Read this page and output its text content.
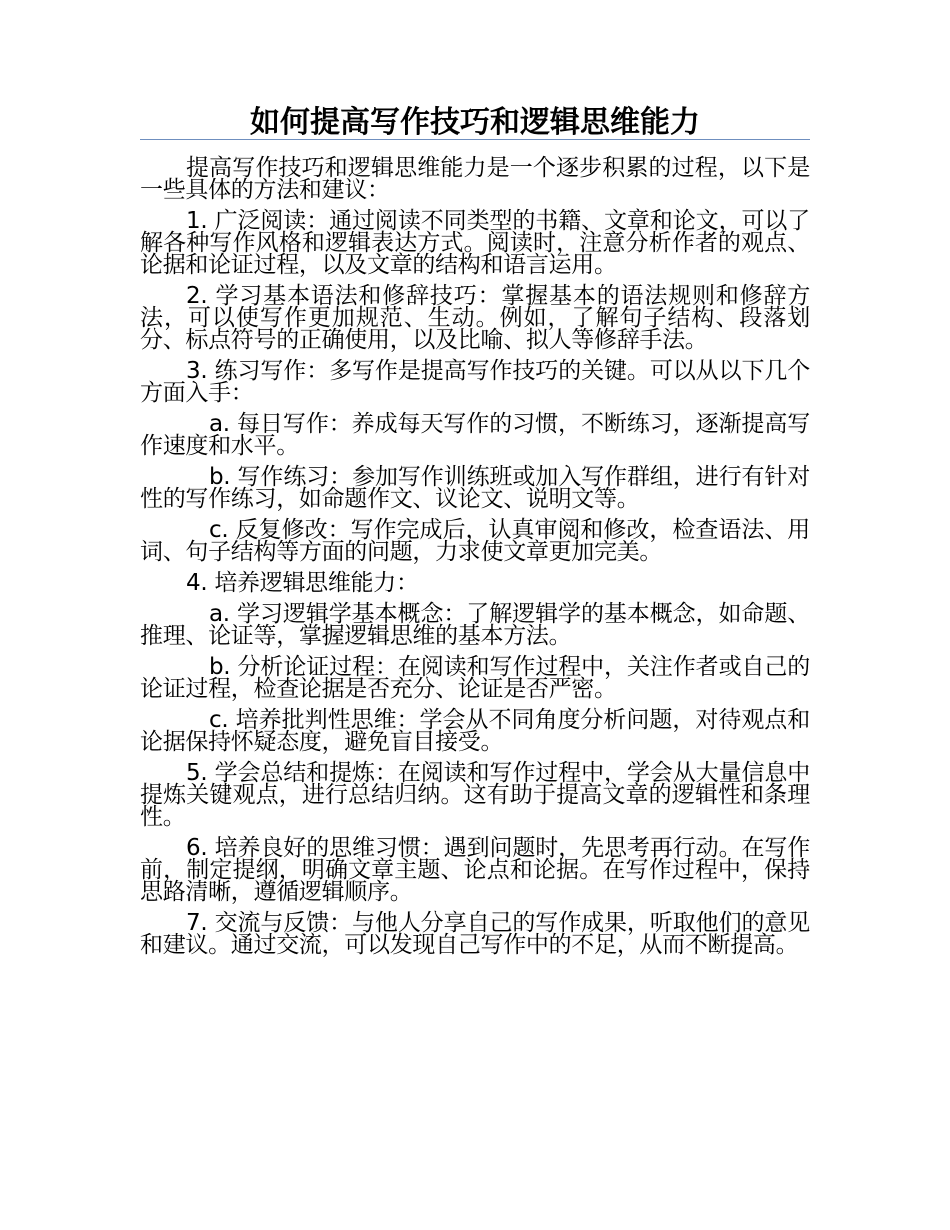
如何提高写作技巧和逻辑思维能力

提高写作技巧和逻辑思维能力是一个逐步积累的过程，以下是一些具体的方法和建议：

1. 广泛阅读：通过阅读不同类型的书籍、文章和论文，可以了解各种写作风格和逻辑表达方式。阅读时，注意分析作者的观点、论据和论证过程，以及文章的结构和语言运用。

2. 学习基本语法和修辞技巧：掌握基本的语法规则和修辞方法，可以使写作更加规范、生动。例如，了解句子结构、段落划分、标点符号的正确使用，以及比喻、拟人等修辞手法。

3. 练习写作：多写作是提高写作技巧的关键。可以从以下几个方面入手：

a. 每日写作：养成每天写作的习惯，不断练习，逐渐提高写作速度和水平。

b. 写作练习：参加写作训练班或加入写作群组，进行有针对性的写作练习，如命题作文、议论文、说明文等。

c. 反复修改：写作完成后，认真审阅和修改，检查语法、用词、句子结构等方面的问题，力求使文章更加完美。

4. 培养逻辑思维能力：

a. 学习逻辑学基本概念：了解逻辑学的基本概念，如命题、推理、论证等，掌握逻辑思维的基本方法。

b. 分析论证过程：在阅读和写作过程中，关注作者或自己的论证过程，检查论据是否充分、论证是否严密。

c. 培养批判性思维：学会从不同角度分析问题，对待观点和论据保持怀疑态度，避免盲目接受。

5. 学会总结和提炼：在阅读和写作过程中，学会从大量信息中提炼关键观点，进行总结归纳。这有助于提高文章的逻辑性和条理性。

6. 培养良好的思维习惯：遇到问题时，先思考再行动。在写作前，制定提纲，明确文章主题、论点和论据。在写作过程中，保持思路清晰，遵循逻辑顺序。

7. 交流与反馈：与他人分享自己的写作成果，听取他们的意见和建议。通过交流，可以发现自己写作中的不足，从而不断提高。
